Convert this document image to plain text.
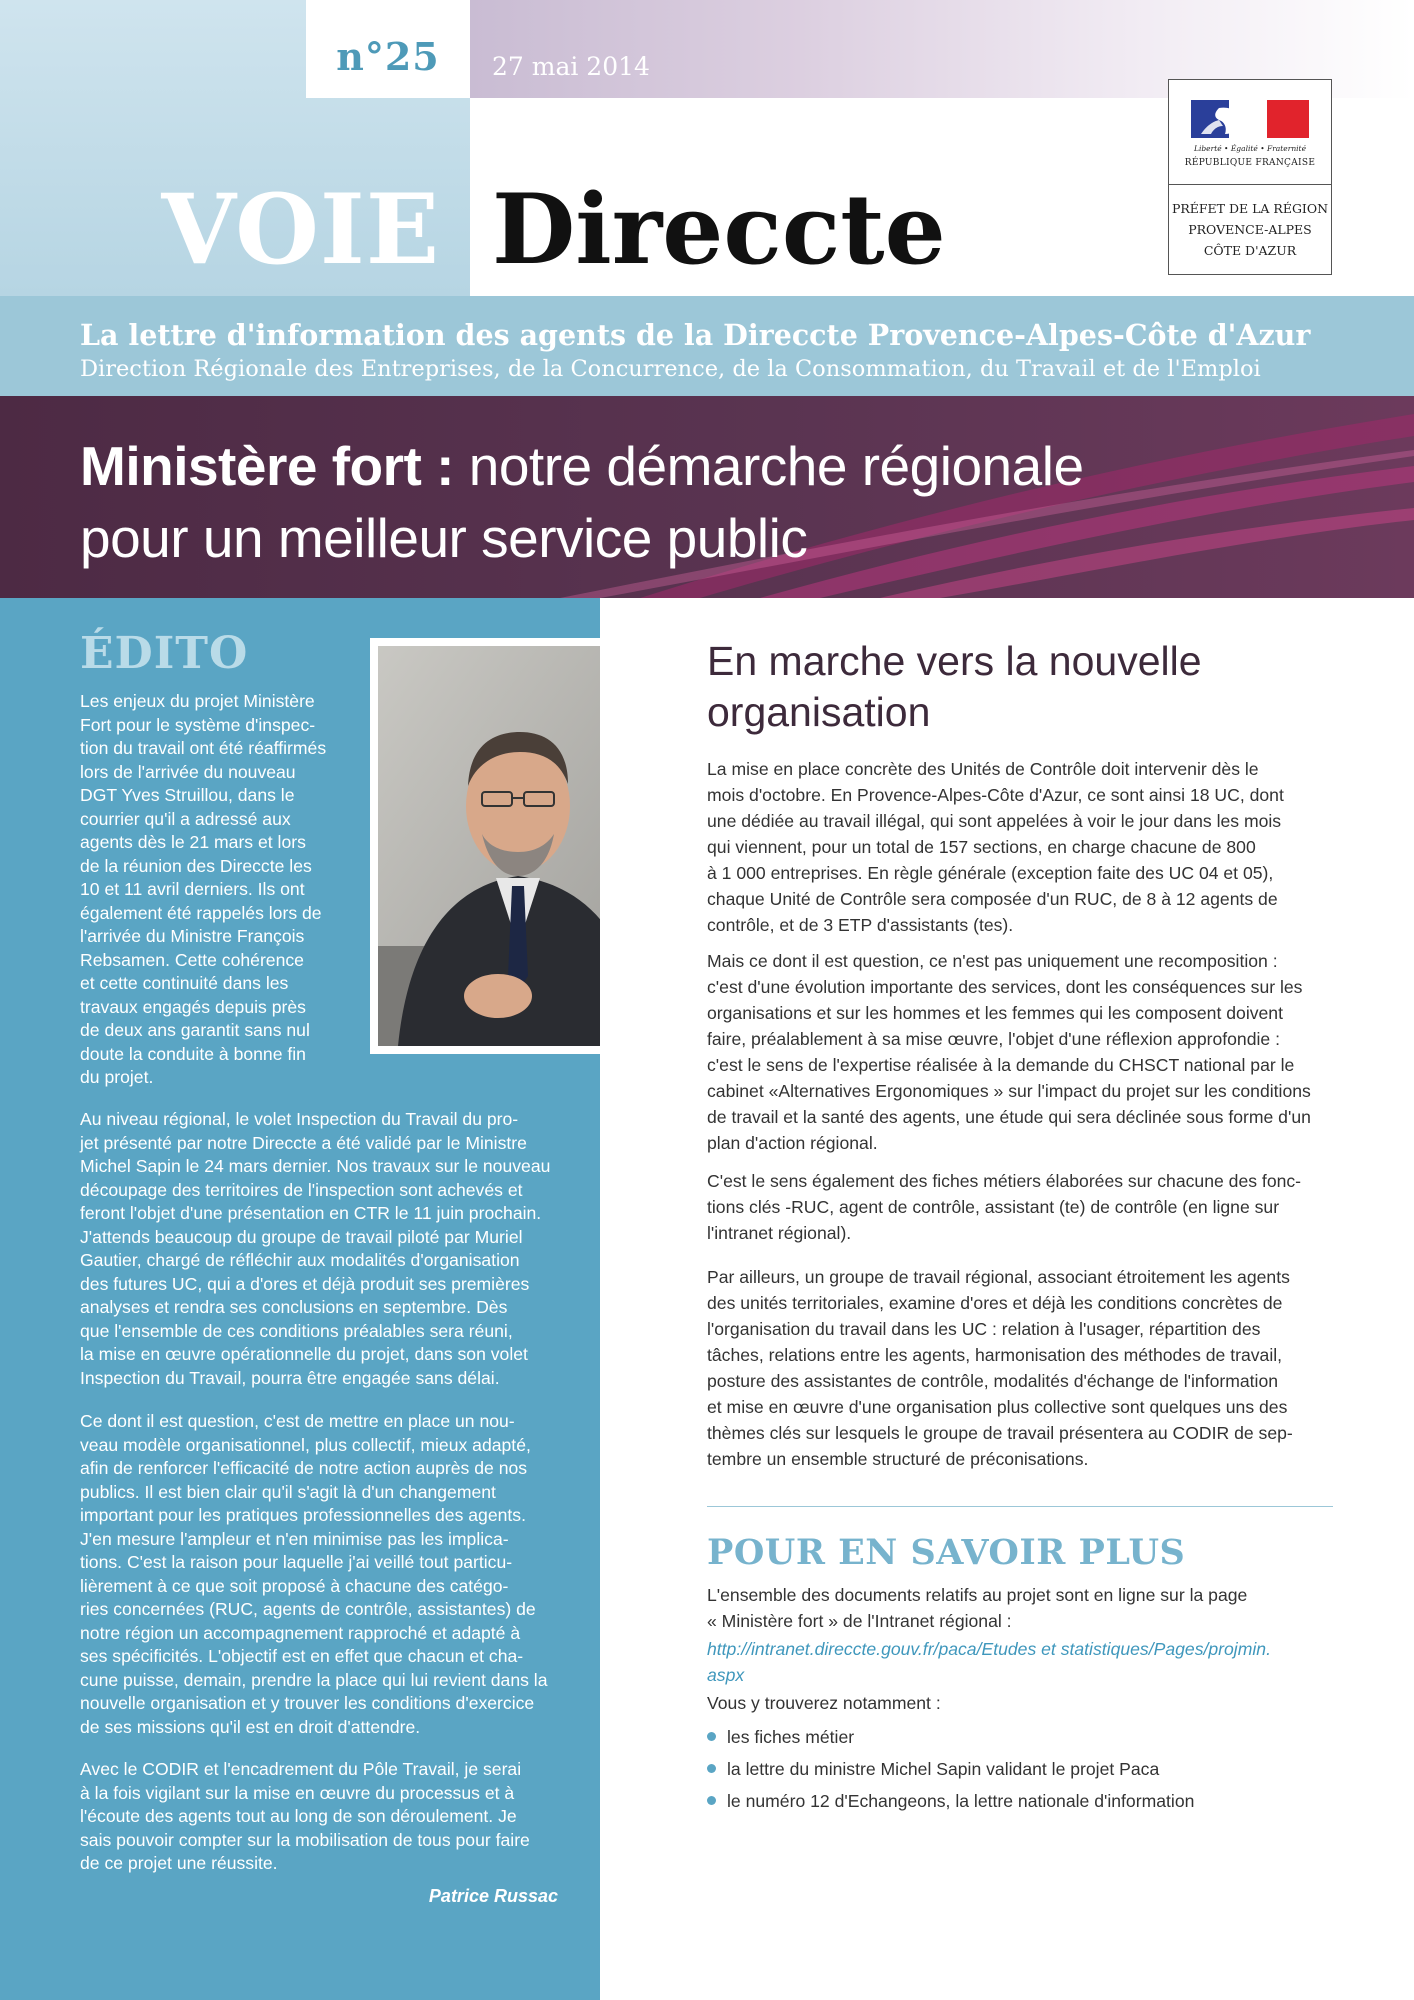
n°25	27 mai 2014
VOIE Direccte
Liberté • Égalité • Fraternité
RÉPUBLIQUE FRANÇAISE
PRÉFET DE LA RÉGION
PROVENCE-ALPES
CÔTE D'AZUR
La lettre d'information des agents de la Direccte Provence-Alpes-Côte d'Azur
Direction Régionale des Entreprises, de la Concurrence, de la Consommation, du Travail et de l'Emploi
Ministère fort : notre démarche régionale
pour un meilleur service public
ÉDITO
Les enjeux du projet Ministère
Fort pour le système d'inspec-
tion du travail ont été réaffirmés
lors de l'arrivée du nouveau
DGT Yves Struillou, dans le
courrier qu'il a adressé aux
agents dès le 21 mars et lors
de la réunion des Direccte les
10 et 11 avril derniers. Ils ont
également été rappelés lors de
l'arrivée du Ministre François
Rebsamen. Cette cohérence
et cette continuité dans les
travaux engagés depuis près
de deux ans garantit sans nul
doute la conduite à bonne fin
du projet.
Au niveau régional, le volet Inspection du Travail du pro-
jet présenté par notre Direccte a été validé par le Ministre
Michel Sapin le 24 mars dernier. Nos travaux sur le nouveau
découpage des territoires de l'inspection sont achevés et
feront l'objet d'une présentation en CTR le 11 juin prochain.
J'attends beaucoup du groupe de travail piloté par Muriel
Gautier, chargé de réfléchir aux modalités d'organisation
des futures UC, qui a d'ores et déjà produit ses premières
analyses et rendra ses conclusions en septembre. Dès
que l'ensemble de ces conditions préalables sera réuni,
la mise en œuvre opérationnelle du projet, dans son volet
Inspection du Travail, pourra être engagée sans délai.
Ce dont il est question, c'est de mettre en place un nou-
veau modèle organisationnel, plus collectif, mieux adapté,
afin de renforcer l'efficacité de notre action auprès de nos
publics. Il est bien clair qu'il s'agit là d'un changement
important pour les pratiques professionnelles des agents.
J'en mesure l'ampleur et n'en minimise pas les implica-
tions. C'est la raison pour laquelle j'ai veillé tout particu-
lièrement à ce que soit proposé à chacune des catégo-
ries concernées (RUC, agents de contrôle, assistantes) de
notre région un accompagnement rapproché et adapté à
ses spécificités. L'objectif est en effet que chacun et cha-
cune puisse, demain, prendre la place qui lui revient dans la
nouvelle organisation et y trouver les conditions d'exercice
de ses missions qu'il est en droit d'attendre.
Avec le CODIR et l'encadrement du Pôle Travail, je serai
à la fois vigilant sur la mise en œuvre du processus et à
l'écoute des agents tout au long de son déroulement. Je
sais pouvoir compter sur la mobilisation de tous pour faire
de ce projet une réussite.
Patrice Russac
En marche vers la nouvelle
organisation
La mise en place concrète des Unités de Contrôle doit intervenir dès le
mois d'octobre. En Provence-Alpes-Côte d'Azur, ce sont ainsi 18 UC, dont
une dédiée au travail illégal, qui sont appelées à voir le jour dans les mois
qui viennent, pour un total de 157 sections, en charge chacune de 800
à 1 000 entreprises. En règle générale (exception faite des UC 04 et 05),
chaque Unité de Contrôle sera composée d'un RUC, de 8 à 12 agents de
contrôle, et de 3 ETP d'assistants (tes).
Mais ce dont il est question, ce n'est pas uniquement une recomposition :
c'est d'une évolution importante des services, dont les conséquences sur les
organisations et sur les hommes et les femmes qui les composent doivent
faire, préalablement à sa mise œuvre, l'objet d'une réflexion approfondie :
c'est le sens de l'expertise réalisée à la demande du CHSCT national par le
cabinet «Alternatives Ergonomiques » sur l'impact du projet sur les conditions
de travail et la santé des agents, une étude qui sera déclinée sous forme d'un
plan d'action régional.
C'est le sens également des fiches métiers élaborées sur chacune des fonc-
tions clés -RUC, agent de contrôle, assistant (te) de contrôle (en ligne sur
l'intranet régional).
Par ailleurs, un groupe de travail régional, associant étroitement les agents
des unités territoriales, examine d'ores et déjà les conditions concrètes de
l'organisation du travail dans les UC : relation à l'usager, répartition des
tâches, relations entre les agents, harmonisation des méthodes de travail,
posture des assistantes de contrôle, modalités d'échange de l'information
et mise en œuvre d'une organisation plus collective sont quelques uns des
thèmes clés sur lesquels le groupe de travail présentera au CODIR de sep-
tembre un ensemble structuré de préconisations.
POUR EN SAVOIR PLUS
L'ensemble des documents relatifs au projet sont en ligne sur la page
« Ministère fort » de l'Intranet régional :
http://intranet.direccte.gouv.fr/paca/Etudes et statistiques/Pages/projmin.
aspx
Vous y trouverez notamment :
les fiches métier
la lettre du ministre Michel Sapin validant le projet Paca
le numéro 12 d'Echangeons, la lettre nationale d'information
